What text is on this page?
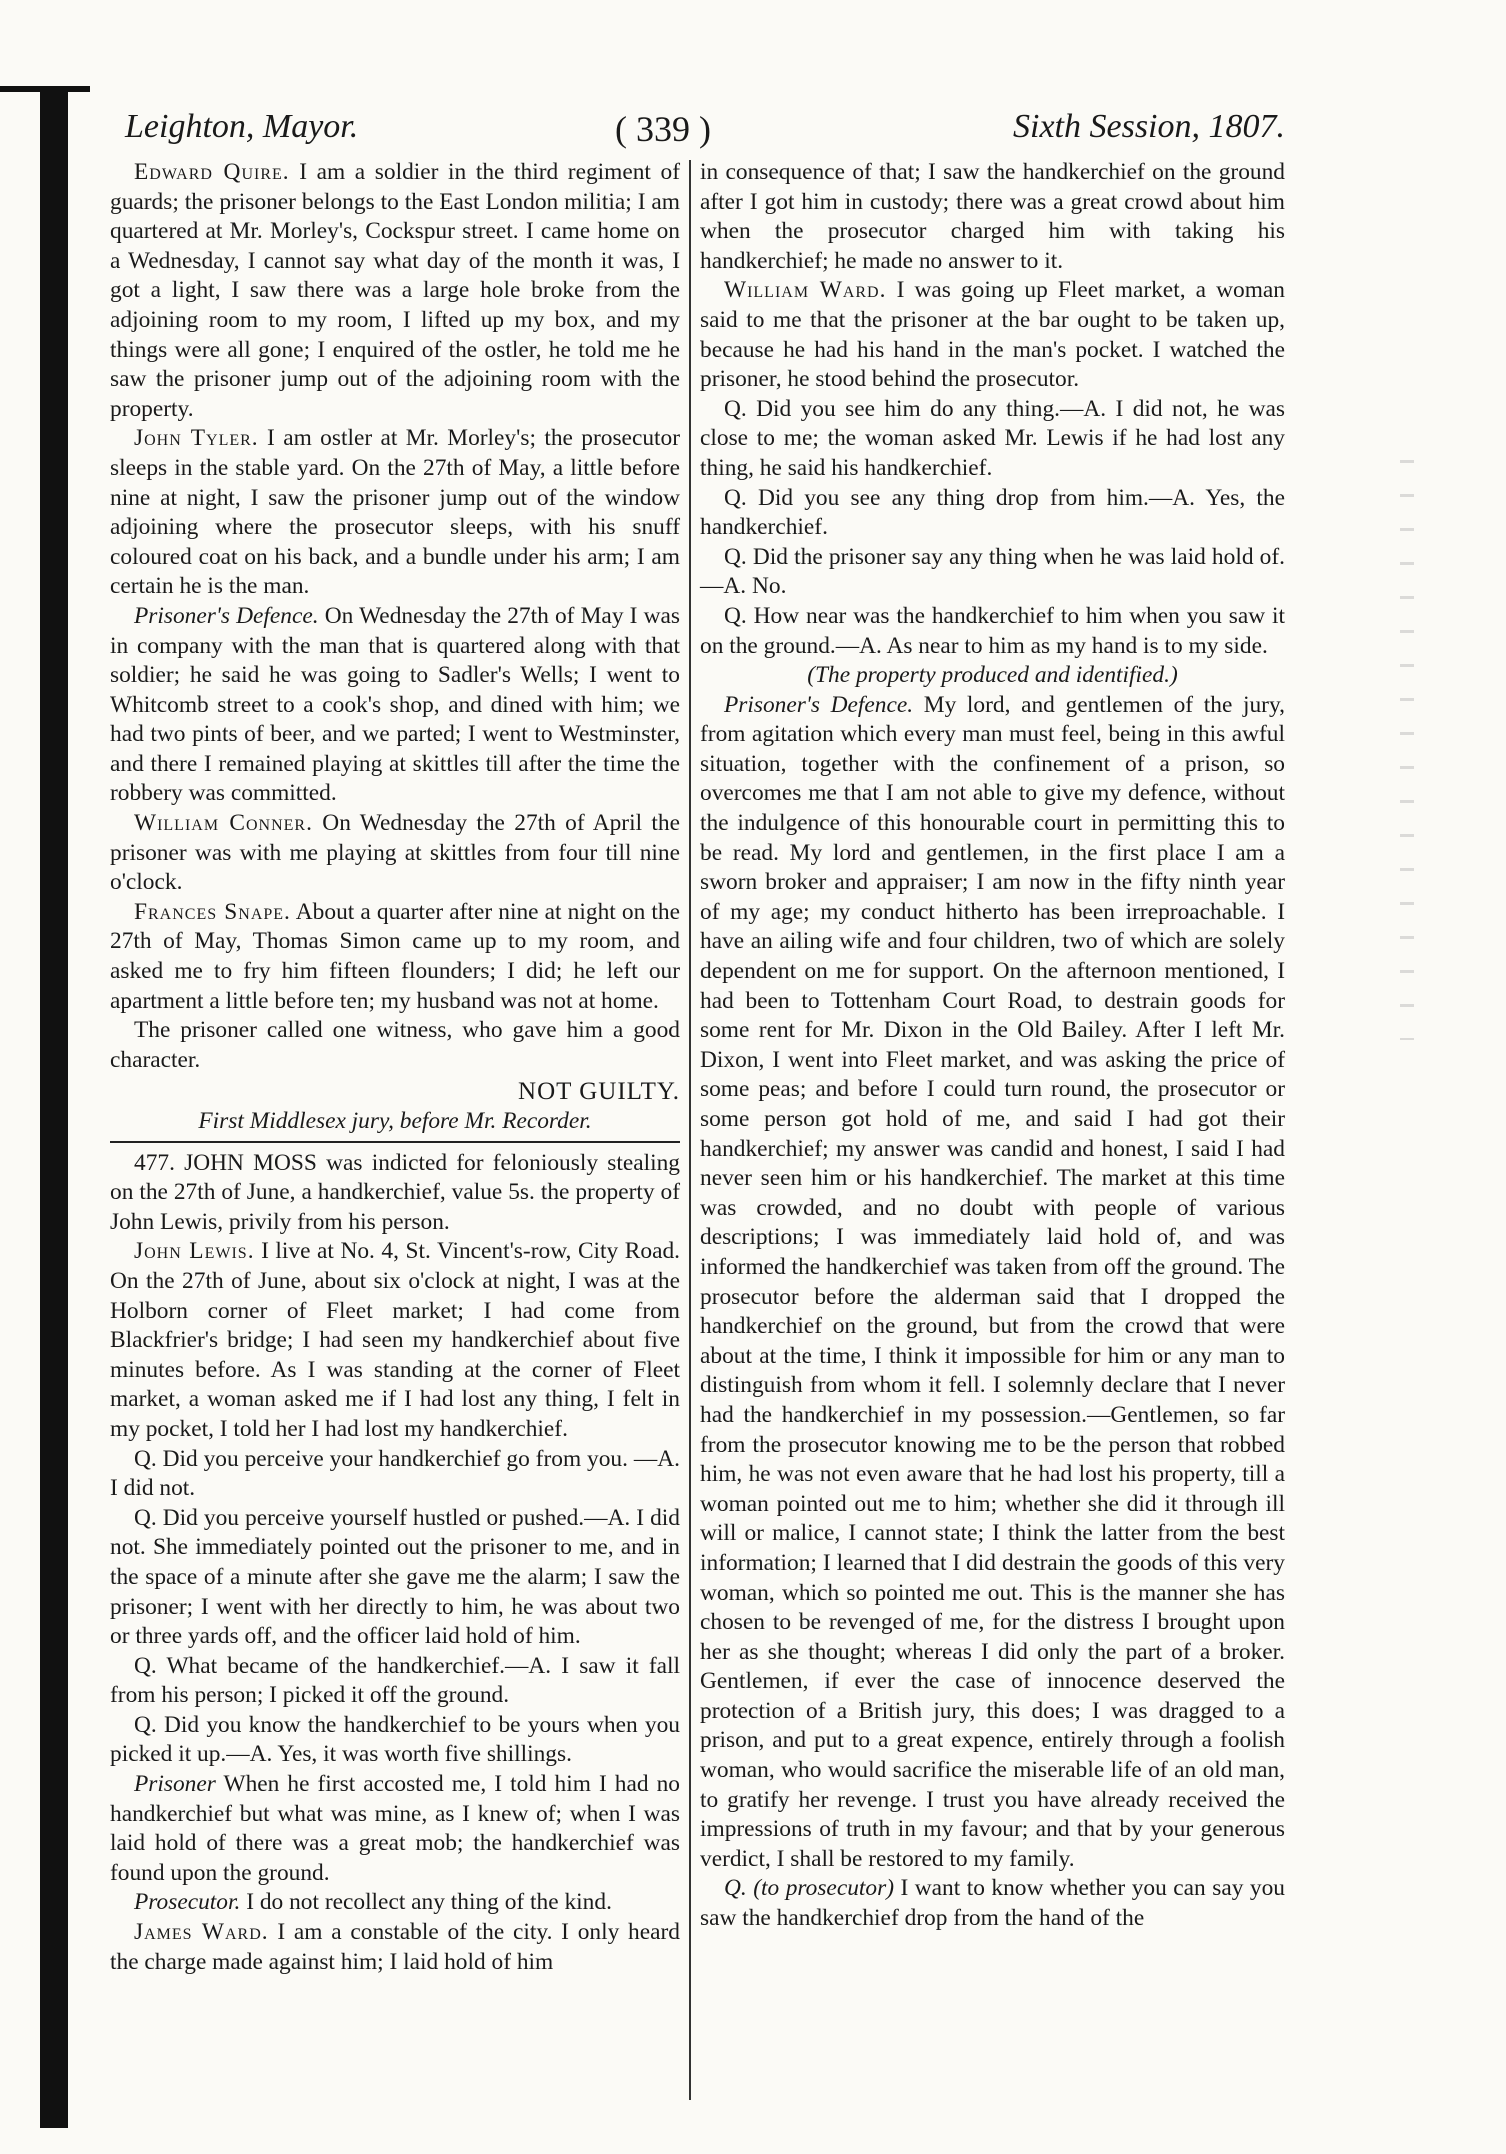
Leighton, Mayor.	( 339 )	Sixth Session, 1807.

Edward Quire. I am a soldier in the third regiment of guards; the prisoner belongs to the East London militia; I am quartered at Mr. Morley's, Cockspur street. I came home on a Wednesday, I cannot say what day of the month it was, I got a light, I saw there was a large hole broke from the adjoining room to my room, I lifted up my box, and my things were all gone; I enquired of the ostler, he told me he saw the prisoner jump out of the adjoining room with the property.

John Tyler. I am ostler at Mr. Morley's; the prosecutor sleeps in the stable yard. On the 27th of May, a little before nine at night, I saw the prisoner jump out of the window adjoining where the prosecutor sleeps, with his snuff coloured coat on his back, and a bundle under his arm; I am certain he is the man.

Prisoner's Defence. On Wednesday the 27th of May I was in company with the man that is quartered along with that soldier; he said he was going to Sadler's Wells; I went to Whitcomb street to a cook's shop, and dined with him; we had two pints of beer, and we parted; I went to Westminster, and there I remained playing at skittles till after the time the robbery was committed.

William Conner. On Wednesday the 27th of April the prisoner was with me playing at skittles from four till nine o'clock.

Frances Snape. About a quarter after nine at night on the 27th of May, Thomas Simon came up to my room, and asked me to fry him fifteen flounders; I did; he left our apartment a little before ten; my husband was not at home.

The prisoner called one witness, who gave him a good character.

NOT GUILTY.

First Middlesex jury, before Mr. Recorder.

477. JOHN MOSS was indicted for feloniously stealing on the 27th of June, a handkerchief, value 5s. the property of John Lewis, privily from his person.

John Lewis. I live at No. 4, St. Vincent's-row, City Road. On the 27th of June, about six o'clock at night, I was at the Holborn corner of Fleet market; I had come from Blackfrier's bridge; I had seen my handkerchief about five minutes before. As I was standing at the corner of Fleet market, a woman asked me if I had lost any thing, I felt in my pocket, I told her I had lost my handkerchief.

Q. Did you perceive your handkerchief go from you. —A. I did not.

Q. Did you perceive yourself hustled or pushed.—A. I did not. She immediately pointed out the prisoner to me, and in the space of a minute after she gave me the alarm; I saw the prisoner; I went with her directly to him, he was about two or three yards off, and the officer laid hold of him.

Q. What became of the handkerchief.—A. I saw it fall from his person; I picked it off the ground.

Q. Did you know the handkerchief to be yours when you picked it up.—A. Yes, it was worth five shillings.

Prisoner When he first accosted me, I told him I had no handkerchief but what was mine, as I knew of; when I was laid hold of there was a great mob; the handkerchief was found upon the ground.

Prosecutor. I do not recollect any thing of the kind.

James Ward. I am a constable of the city. I only heard the charge made against him; I laid hold of him

in consequence of that; I saw the handkerchief on the ground after I got him in custody; there was a great crowd about him when the prosecutor charged him with taking his handkerchief; he made no answer to it.

William Ward. I was going up Fleet market, a woman said to me that the prisoner at the bar ought to be taken up, because he had his hand in the man's pocket. I watched the prisoner, he stood behind the prosecutor.

Q. Did you see him do any thing.—A. I did not, he was close to me; the woman asked Mr. Lewis if he had lost any thing, he said his handkerchief.

Q. Did you see any thing drop from him.—A. Yes, the handkerchief.

Q. Did the prisoner say any thing when he was laid hold of.—A. No.

Q. How near was the handkerchief to him when you saw it on the ground.—A. As near to him as my hand is to my side.

(The property produced and identified.)

Prisoner's Defence. My lord, and gentlemen of the jury, from agitation which every man must feel, being in this awful situation, together with the confinement of a prison, so overcomes me that I am not able to give my defence, without the indulgence of this honourable court in permitting this to be read. My lord and gentlemen, in the first place I am a sworn broker and appraiser; I am now in the fifty ninth year of my age; my conduct hitherto has been irreproachable. I have an ailing wife and four children, two of which are solely dependent on me for support. On the afternoon mentioned, I had been to Tottenham Court Road, to destrain goods for some rent for Mr. Dixon in the Old Bailey. After I left Mr. Dixon, I went into Fleet market, and was asking the price of some peas; and before I could turn round, the prosecutor or some person got hold of me, and said I had got their handkerchief; my answer was candid and honest, I said I had never seen him or his handkerchief. The market at this time was crowded, and no doubt with people of various descriptions; I was immediately laid hold of, and was informed the handkerchief was taken from off the ground. The prosecutor before the alderman said that I dropped the handkerchief on the ground, but from the crowd that were about at the time, I think it impossible for him or any man to distinguish from whom it fell. I solemnly declare that I never had the handkerchief in my possession.—Gentlemen, so far from the prosecutor knowing me to be the person that robbed him, he was not even aware that he had lost his property, till a woman pointed out me to him; whether she did it through ill will or malice, I cannot state; I think the latter from the best information; I learned that I did destrain the goods of this very woman, which so pointed me out. This is the manner she has chosen to be revenged of me, for the distress I brought upon her as she thought; whereas I did only the part of a broker. Gentlemen, if ever the case of innocence deserved the protection of a British jury, this does; I was dragged to a prison, and put to a great expence, entirely through a foolish woman, who would sacrifice the miserable life of an old man, to gratify her revenge. I trust you have already received the impressions of truth in my favour; and that by your generous verdict, I shall be restored to my family.

Q. (to prosecutor) I want to know whether you can say you saw the handkerchief drop from the hand of the
